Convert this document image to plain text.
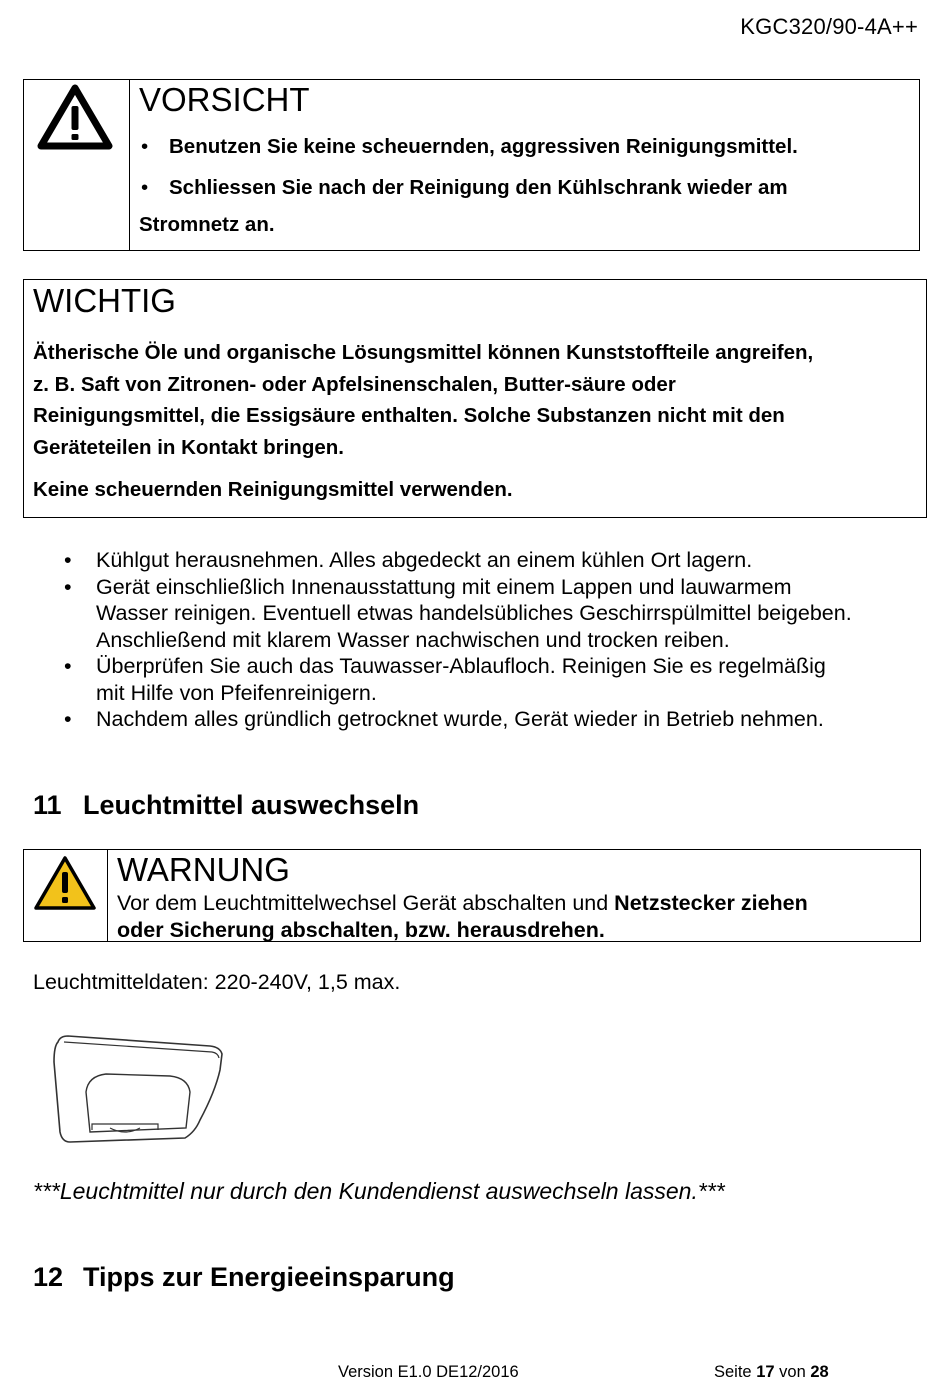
KGC320/90-4A++
VORSICHT
• Benutzen Sie keine scheuernden, aggressiven Reinigungsmittel.
• Schliessen Sie nach der Reinigung den Kühlschrank wieder am
Stromnetz an.
WICHTIG
Ätherische Öle und organische Lösungsmittel können Kunststoffteile angreifen,
z. B. Saft von Zitronen- oder Apfelsinenschalen, Butter-säure oder
Reinigungsmittel, die Essigsäure enthalten. Solche Substanzen nicht mit den
Geräteteilen in Kontakt bringen.
Keine scheuernden Reinigungsmittel verwenden.
• Kühlgut herausnehmen. Alles abgedeckt an einem kühlen Ort lagern.
• Gerät einschließlich Innenausstattung mit einem Lappen und lauwarmem
Wasser reinigen. Eventuell etwas handelsübliches Geschirrspülmittel beigeben.
Anschließend mit klarem Wasser nachwischen und trocken reiben.
• Überprüfen Sie auch das Tauwasser-Ablaufloch. Reinigen Sie es regelmäßig
mit Hilfe von Pfeifenreinigern.
• Nachdem alles gründlich getrocknet wurde, Gerät wieder in Betrieb nehmen.
11 Leuchtmittel auswechseln
WARNUNG
Vor dem Leuchtmittelwechsel Gerät abschalten und Netzstecker ziehen
oder Sicherung abschalten, bzw. herausdrehen.
Leuchtmitteldaten: 220-240V, 1,5 max.
***Leuchtmittel nur durch den Kundendienst auswechseln lassen.***
12 Tipps zur Energieeinsparung
Version E1.0 DE12/2016	Seite 17 von 28
